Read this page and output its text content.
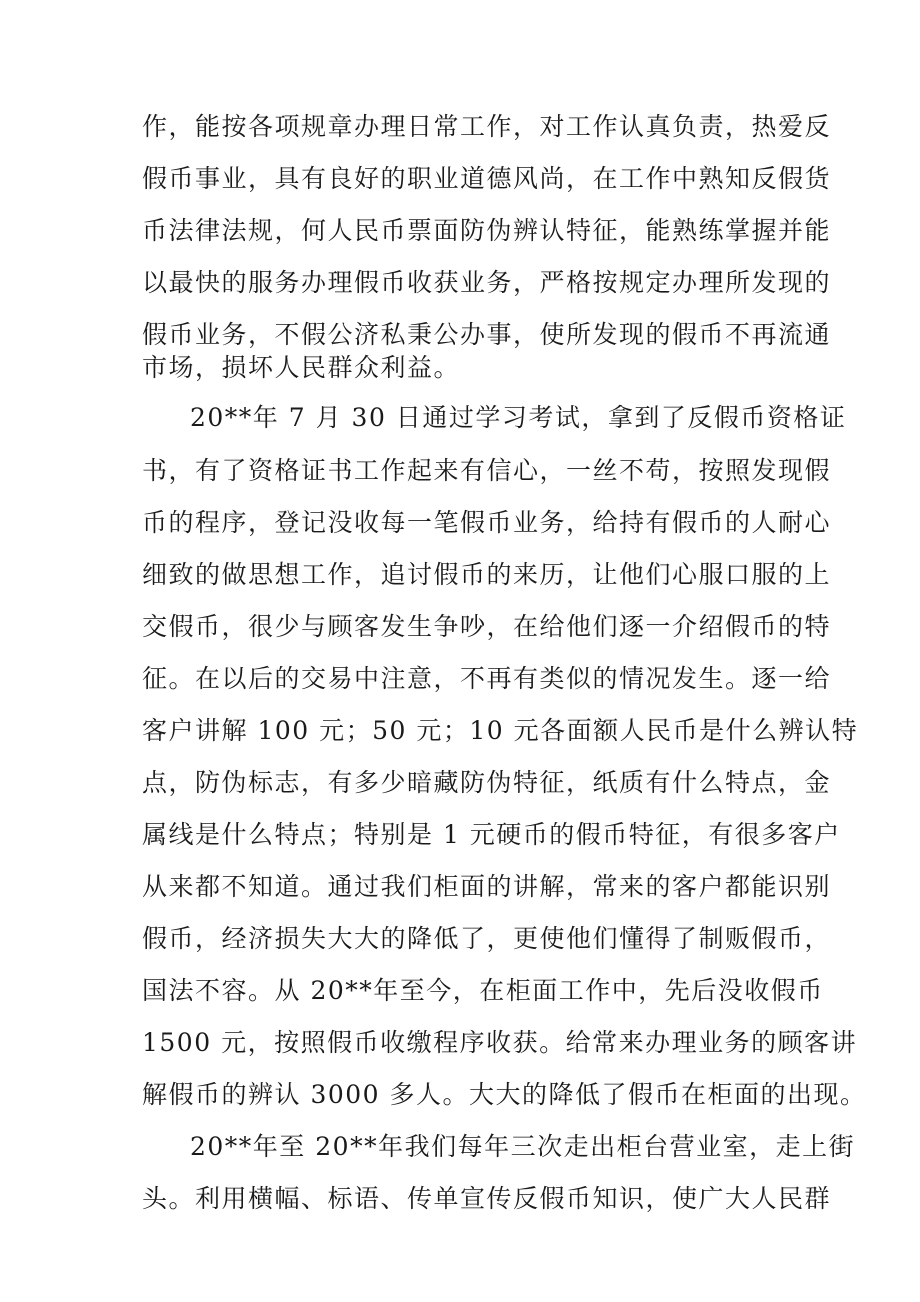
作，能按各项规章办理日常工作，对工作认真负责，热爱反
假币事业，具有良好的职业道德风尚，在工作中熟知反假货
币法律法规，何人民币票面防伪辨认特征，能熟练掌握并能
以最快的服务办理假币收获业务，严格按规定办理所发现的
假币业务，不假公济私秉公办事，使所发现的假币不再流通
市场，损坏人民群众利益。
20**年 7 月 30 日通过学习考试，拿到了反假币资格证
书，有了资格证书工作起来有信心，一丝不苟，按照发现假
币的程序，登记没收每一笔假币业务，给持有假币的人耐心
细致的做思想工作，追讨假币的来历，让他们心服口服的上
交假币，很少与顾客发生争吵，在给他们逐一介绍假币的特
征。在以后的交易中注意，不再有类似的情况发生。逐一给
客户讲解 100 元；50 元；10 元各面额人民币是什么辨认特
点，防伪标志，有多少暗藏防伪特征，纸质有什么特点，金
属线是什么特点；特别是 1 元硬币的假币特征，有很多客户
从来都不知道。通过我们柜面的讲解，常来的客户都能识别
假币，经济损失大大的降低了，更使他们懂得了制贩假币，
国法不容。从 20**年至今，在柜面工作中，先后没收假币
1500 元，按照假币收缴程序收获。给常来办理业务的顾客讲
解假币的辨认 3000 多人。大大的降低了假币在柜面的出现。
20**年至 20**年我们每年三次走出柜台营业室，走上街
头。利用横幅、标语、传单宣传反假币知识，使广大人民群
